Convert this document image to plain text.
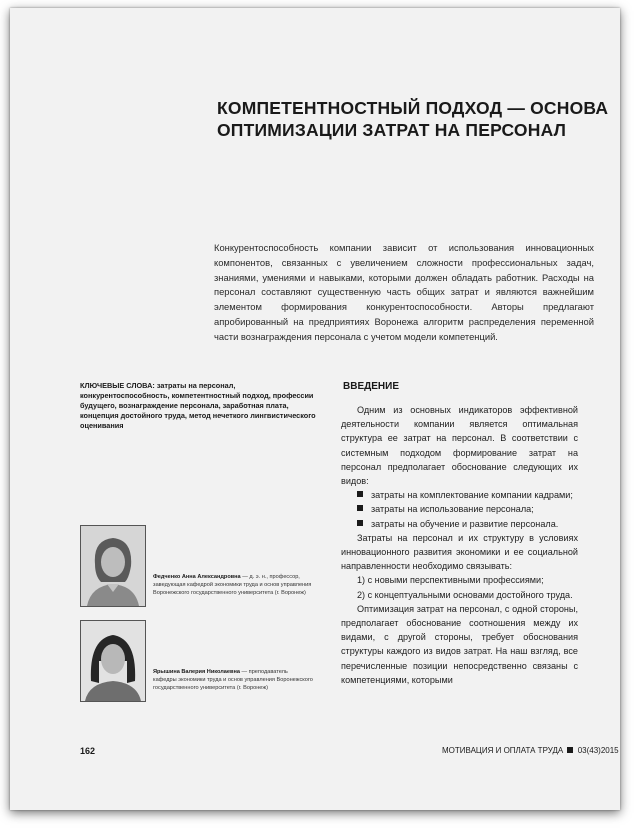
КОМПЕТЕНТНОСТНЫЙ ПОДХОД — ОСНОВА
ОПТИМИЗАЦИИ ЗАТРАТ НА ПЕРСОНАЛ

Конкурентоспособность компании зависит от использования инновационных компонентов, связанных с увеличением сложности профессиональных задач, знаниями, умениями и навыками, которыми должен обладать работник. Расходы на персонал составляют существенную часть общих затрат и являются важнейшим элементом формирования конкурентоспособности. Авторы предлагают апробированный на предприятиях Воронежа алгоритм распределения переменной части вознаграждения персонала с учетом модели компетенций.

КЛЮЧЕВЫЕ СЛОВА: затраты на персонал, конкурентоспособность, компетентностный подход, профессии будущего, вознаграждение персонала, заработная плата, концепция достойного труда, метод нечеткого лингвистического оценивания
Федченко Анна Александровна — д. э. н., профессор, заведующая кафедрой экономики труда и основ управления Воронежского государственного университета (г. Воронеж)
Ярышина Валерия Николаевна — преподаватель кафедры экономики труда и основ управления Воронежского государственного университета (г. Воронеж)
ВВЕДЕНИЕ

Одним из основных индикаторов эффективной деятельности компании является оптимальная структура ее затрат на персонал. В соответствии с системным подходом формирование затрат на персонал предполагает обоснование следующих их видов:

затраты на комплектование компании кадрами;

затраты на использование персонала;

затраты на обучение и развитие персонала.

Затраты на персонал и их структуру в условиях инновационного развития экономики и ее социальной направленности необходимо связывать:

1) с новыми перспективными профессиями;

2) с концептуальными основами достойного труда.

Оптимизация затрат на персонал, с одной стороны, предполагает обоснование соотношения между их видами, с другой стороны, требует обоснования структуры каждого из видов затрат. На наш взгляд, все перечисленные позиции непосредственно связаны с компетенциями, которыми

162	МОТИВАЦИЯ И ОПЛАТА ТРУДА 03(43)2015
